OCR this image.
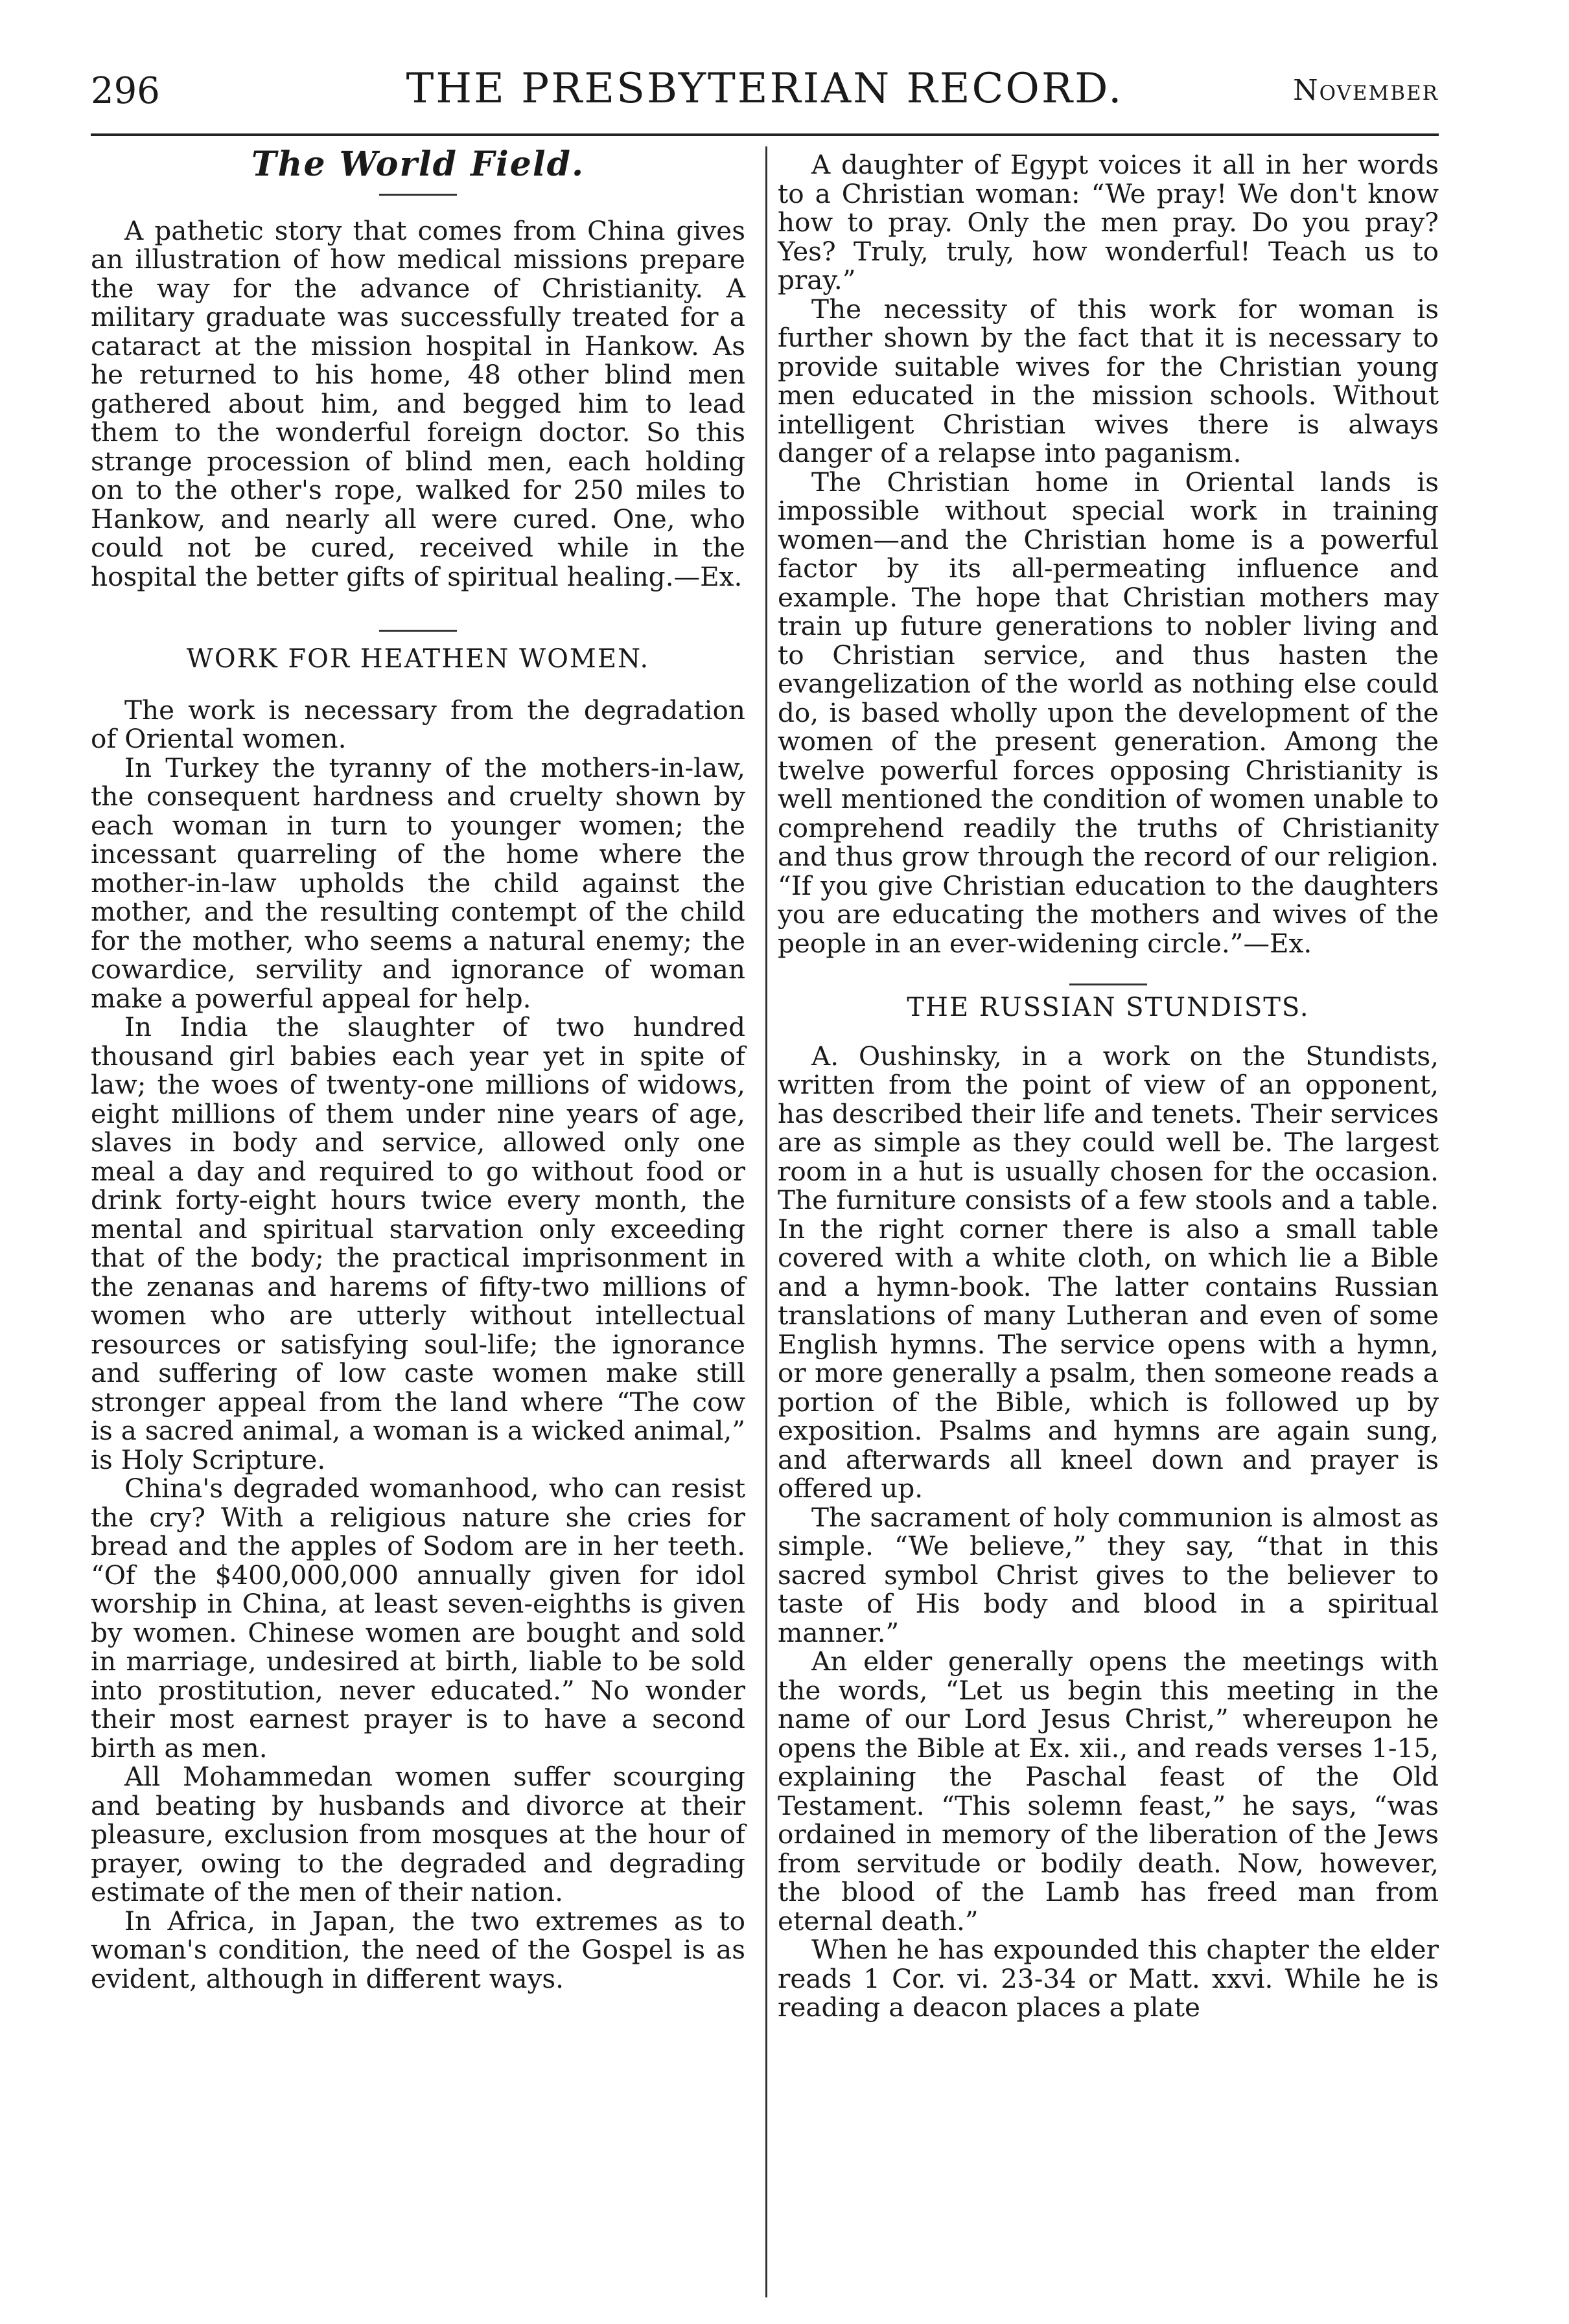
296	THE PRESBYTERIAN RECORD.	November
The World Field.

A pathetic story that comes from China gives an illustration of how medical missions prepare the way for the advance of Christianity. A military graduate was successfully treated for a cataract at the mission hospital in Hankow. As he returned to his home, 48 other blind men gathered about him, and begged him to lead them to the wonderful foreign doctor. So this strange procession of blind men, each holding on to the other's rope, walked for 250 miles to Hankow, and nearly all were cured. One, who could not be cured, received while in the hospital the better gifts of spiritual healing.—Ex.

WORK FOR HEATHEN WOMEN.

The work is necessary from the degradation of Oriental women.

In Turkey the tyranny of the mothers-in-law, the consequent hardness and cruelty shown by each woman in turn to younger women; the incessant quarreling of the home where the mother-in-law upholds the child against the mother, and the resulting contempt of the child for the mother, who seems a natural enemy; the cowardice, servility and ignorance of woman make a powerful appeal for help.

In India the slaughter of two hundred thousand girl babies each year yet in spite of law; the woes of twenty-one millions of widows, eight millions of them under nine years of age, slaves in body and service, allowed only one meal a day and required to go without food or drink forty-eight hours twice every month, the mental and spiritual starvation only exceeding that of the body; the practical imprisonment in the zenanas and harems of fifty-two millions of women who are utterly without intellectual resources or satisfying soul-life; the ignorance and suffering of low caste women make still stronger appeal from the land where “The cow is a sacred animal, a woman is a wicked animal,” is Holy Scripture.

China's degraded womanhood, who can resist the cry? With a religious nature she cries for bread and the apples of Sodom are in her teeth. “Of the $400,000,000 annually given for idol worship in China, at least seven-eighths is given by women. Chinese women are bought and sold in marriage, undesired at birth, liable to be sold into prostitution, never educated.” No wonder their most earnest prayer is to have a second birth as men.

All Mohammedan women suffer scourging and beating by husbands and divorce at their pleasure, exclusion from mosques at the hour of prayer, owing to the degraded and degrading estimate of the men of their nation.

In Africa, in Japan, the two extremes as to woman's condition, the need of the Gospel is as evident, although in different ways.

A daughter of Egypt voices it all in her words to a Christian woman: “We pray! We don't know how to pray. Only the men pray. Do you pray? Yes? Truly, truly, how wonderful! Teach us to pray.”

The necessity of this work for woman is further shown by the fact that it is necessary to provide suitable wives for the Christian young men educated in the mission schools. Without intelligent Christian wives there is always danger of a relapse into paganism.

The Christian home in Oriental lands is impossible without special work in training women—and the Christian home is a powerful factor by its all-permeating influence and example. The hope that Christian mothers may train up future generations to nobler living and to Christian service, and thus hasten the evangelization of the world as nothing else could do, is based wholly upon the development of the women of the present generation. Among the twelve powerful forces opposing Christianity is well mentioned the condition of women unable to comprehend readily the truths of Christianity and thus grow through the record of our religion. “If you give Christian education to the daughters you are educating the mothers and wives of the people in an ever-widening circle.”—Ex.

THE RUSSIAN STUNDISTS.

A. Oushinsky, in a work on the Stundists, written from the point of view of an opponent, has described their life and tenets. Their services are as simple as they could well be. The largest room in a hut is usually chosen for the occasion. The furniture consists of a few stools and a table. In the right corner there is also a small table covered with a white cloth, on which lie a Bible and a hymn-book. The latter contains Russian translations of many Lutheran and even of some English hymns. The service opens with a hymn, or more generally a psalm, then someone reads a portion of the Bible, which is followed up by exposition. Psalms and hymns are again sung, and afterwards all kneel down and prayer is offered up.

The sacrament of holy communion is almost as simple. “We believe,” they say, “that in this sacred symbol Christ gives to the believer to taste of His body and blood in a spiritual manner.”

An elder generally opens the meetings with the words, “Let us begin this meeting in the name of our Lord Jesus Christ,” whereupon he opens the Bible at Ex. xii., and reads verses 1-15, explaining the Paschal feast of the Old Testament. “This solemn feast,” he says, “was ordained in memory of the liberation of the Jews from servitude or bodily death. Now, however, the blood of the Lamb has freed man from eternal death.”

When he has expounded this chapter the elder reads 1 Cor. vi. 23-34 or Matt. xxvi. While he is reading a deacon places a plate
